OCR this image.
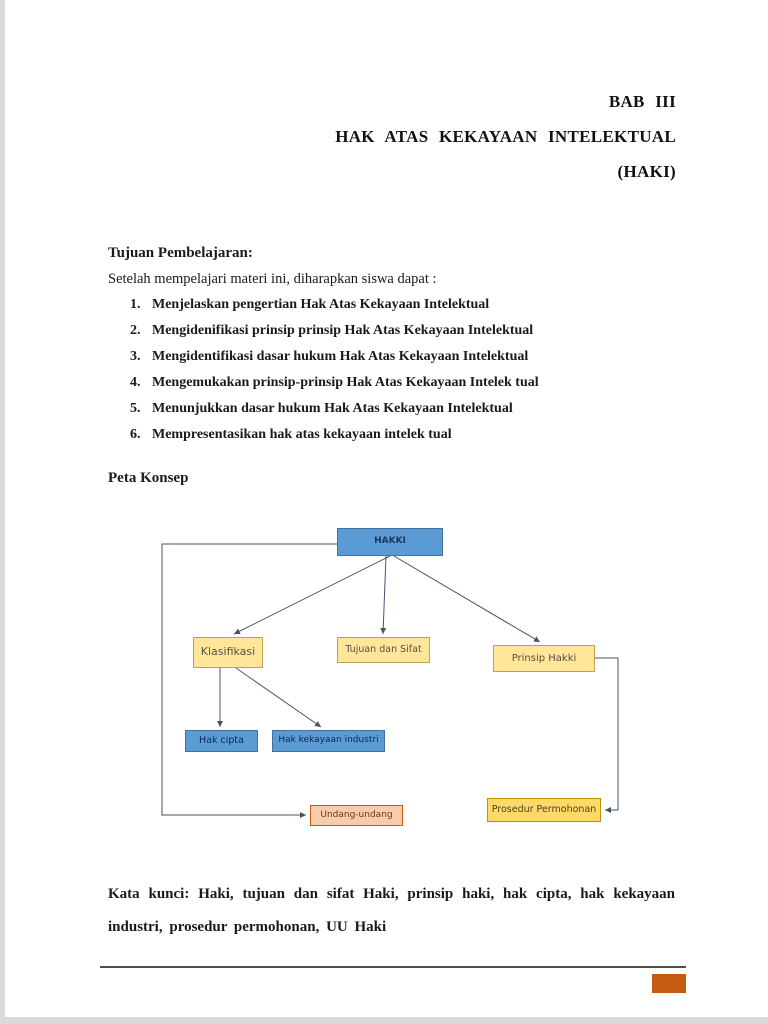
BAB III
HAK ATAS KEKAYAAN INTELEKTUAL
(HAKI)
Tujuan Pembelajaran:
Setelah mempelajari materi ini, diharapkan siswa dapat :
1. Menjelaskan pengertian Hak Atas Kekayaan Intelektual
2. Mengidenifikasi prinsip prinsip Hak Atas Kekayaan Intelektual
3. Mengidentifikasi dasar hukum Hak Atas Kekayaan Intelektual
4. Mengemukakan prinsip-prinsip Hak Atas Kekayaan Intelek tual
5. Menunjukkan dasar hukum Hak Atas Kekayaan Intelektual
6. Mempresentasikan hak atas kekayaan intelek tual
Peta Konsep
HAKKI
Klasifikasi	Tujuan dan Sifat
Prinsip Hakki
Hak cipta	Hak kekayaan industri
Undang-undang	Prosedur Permohonan

Kata kunci: Haki, tujuan dan sifat Haki, prinsip haki, hak cipta, hak kekayaan industri, prosedur permohonan, UU Haki
